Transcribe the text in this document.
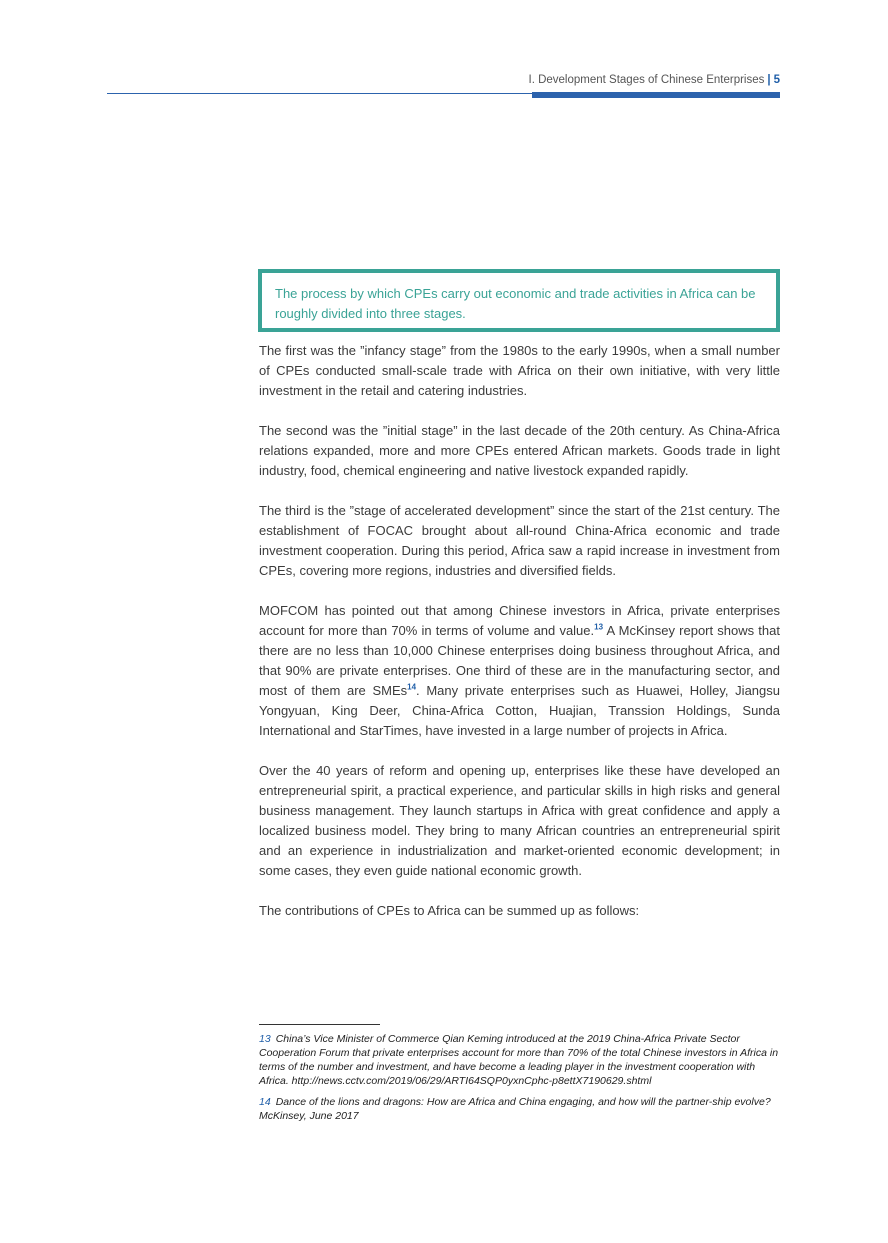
I. Development Stages of Chinese Enterprises | 5
The process by which CPEs carry out economic and trade activities in Africa can be roughly divided into three stages.

The first was the ”infancy stage” from the 1980s to the early 1990s, when a small number of CPEs conducted small-scale trade with Africa on their own initiative, with very little investment in the retail and catering industries.

The second was the ”initial stage” in the last decade of the 20th century. As China-Africa relations expanded, more and more CPEs entered African markets. Goods trade in light industry, food, chemical engineering and native livestock expanded rapidly.

The third is the ”stage of accelerated development” since the start of the 21st century. The establishment of FOCAC brought about all-round China-Africa economic and trade investment cooperation. During this period, Africa saw a rapid increase in investment from CPEs, covering more regions, industries and diversified fields.

MOFCOM has pointed out that among Chinese investors in Africa, private enterprises account for more than 70% in terms of volume and value.$^{13}$ A McKinsey report shows that there are no less than 10,000 Chinese enterprises doing business throughout Africa, and that 90% are private enterprises. One third of these are in the manufacturing sector, and most of them are SMEs$^{14}$. Many private enterprises such as Huawei, Holley, Jiangsu Yongyuan, King Deer, China-Africa Cotton, Huajian, Transsion Holdings, Sunda International and StarTimes, have invested in a large number of projects in Africa.

Over the 40 years of reform and opening up, enterprises like these have developed an entrepreneurial spirit, a practical experience, and particular skills in high risks and general business management. They launch startups in Africa with great confidence and apply a localized business model. They bring to many African countries an entrepreneurial spirit and an experience in industrialization and market-oriented economic development; in some cases, they even guide national economic growth.

The contributions of CPEs to Africa can be summed up as follows:

13 China’s Vice Minister of Commerce Qian Keming introduced at the 2019 China-Africa Private Sector Cooperation Forum that private enterprises account for more than 70% of the total Chinese investors in Africa in terms of the number and investment, and have become a leading player in the investment cooperation with Africa. http://news.cctv.com/2019/06/29/ARTI64SQP0yxnCphc-p8ettX7190629.shtml
14 Dance of the lions and dragons: How are Africa and China engaging, and how will the partner-ship evolve? McKinsey, June 2017
